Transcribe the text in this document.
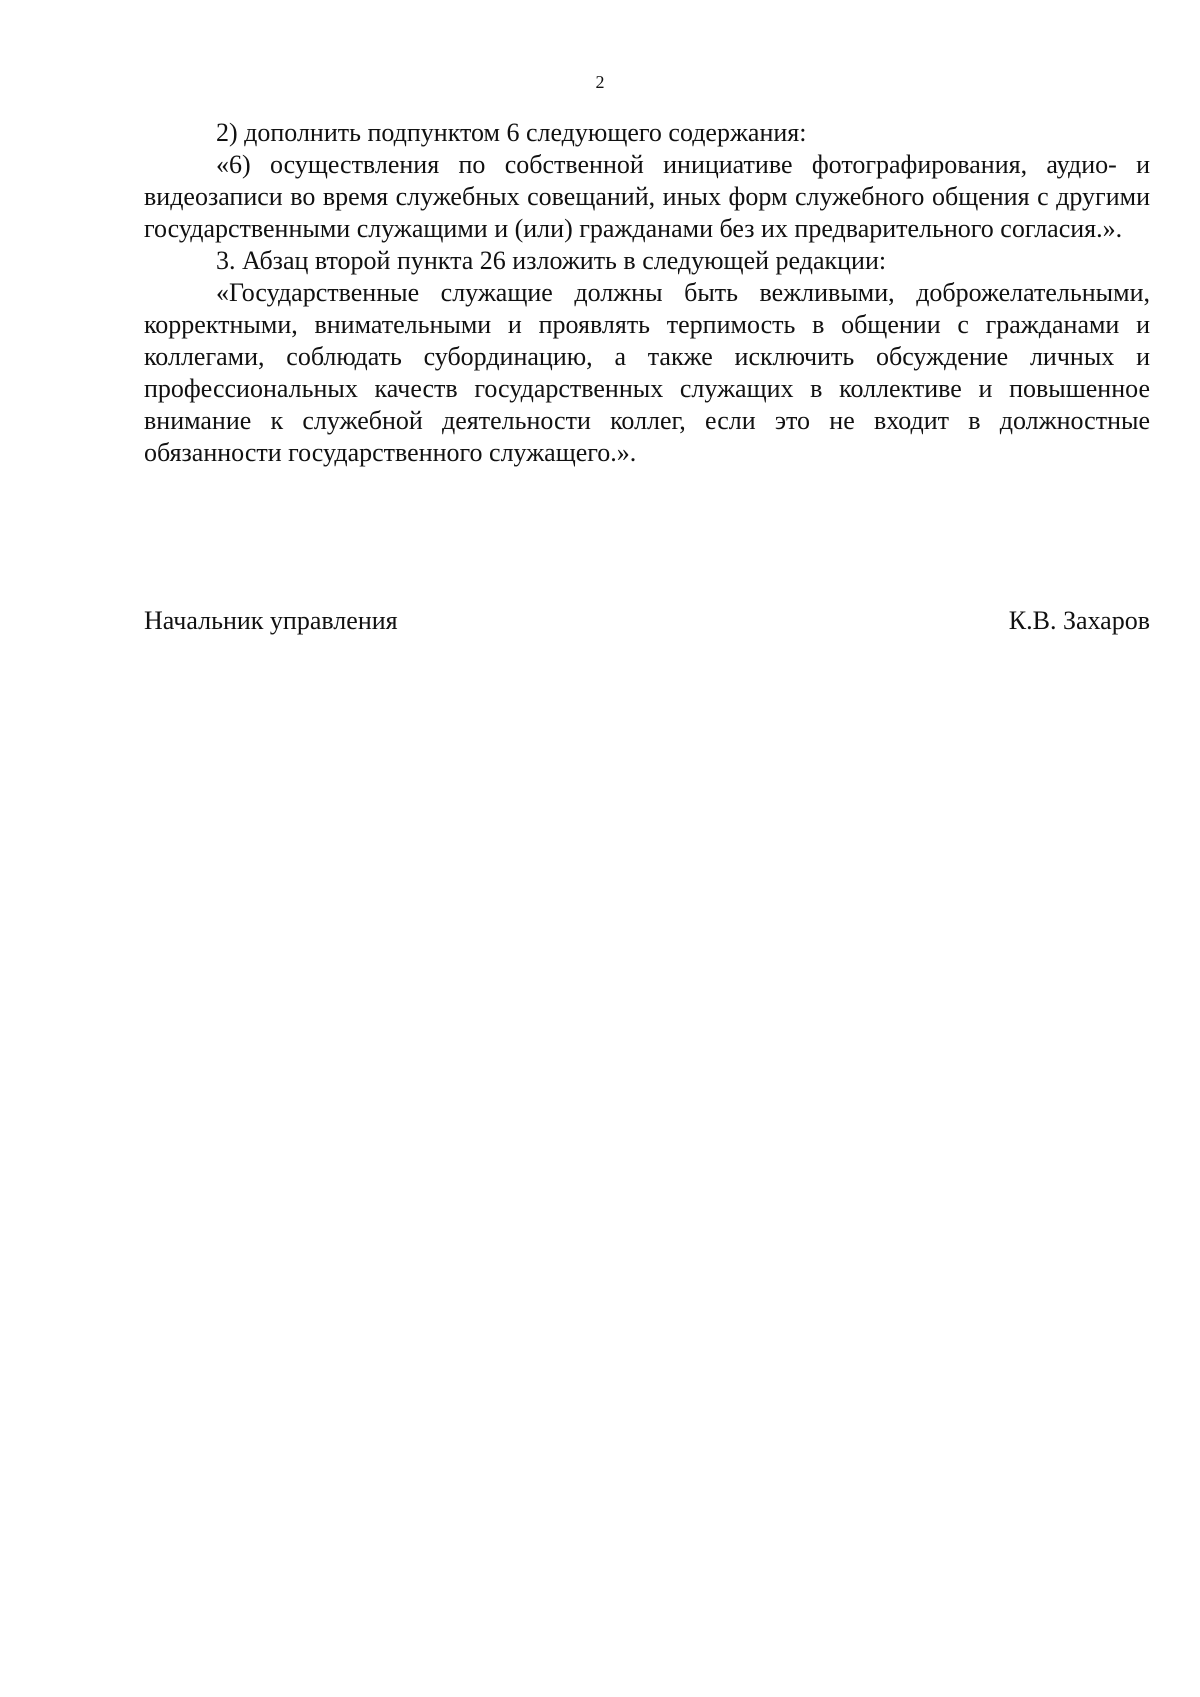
2

2) дополнить подпунктом 6 следующего содержания:

«6) осуществления по собственной инициативе фотографирования, аудио- и видеозаписи во время служебных совещаний, иных форм служебного общения с другими государственными служащими и (или) гражданами без их предварительного согласия.».

3. Абзац второй пункта 26 изложить в следующей редакции:

«Государственные служащие должны быть вежливыми, доброжелательными, корректными, внимательными и проявлять терпимость в общении с гражданами и коллегами, соблюдать субординацию, а также исключить обсуждение личных и профессиональных качеств государственных служащих в коллективе и повышенное внимание к служебной деятельности коллег, если это не входит в должностные обязанности государственного служащего.».

Начальник управления	К.В. Захаров
